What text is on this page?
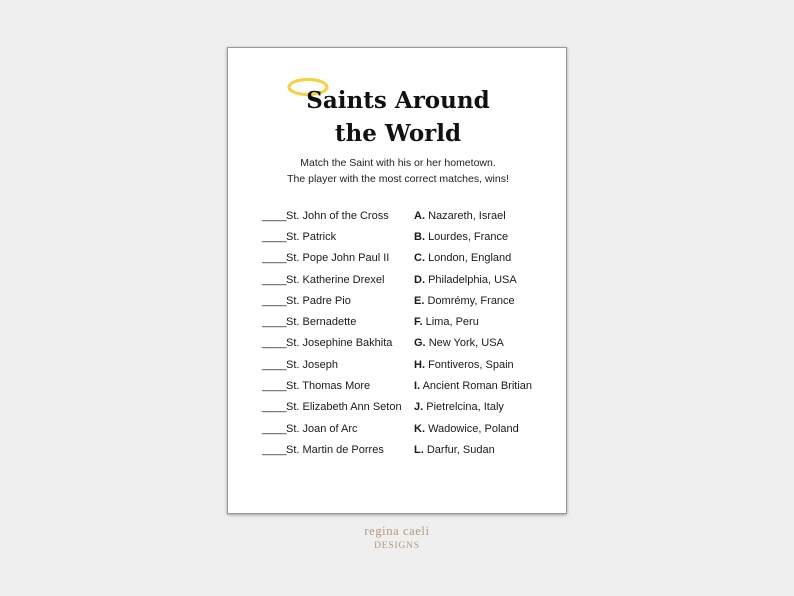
Saints Around
the World

Match the Saint with his or her hometown.
The player with the most correct matches, wins!

____ St. John of the Cross	A. Nazareth, Israel
____ St. Patrick	B. Lourdes, France
____ St. Pope John Paul II	C. London, England
____ St. Katherine Drexel	D. Philadelphia, USA
____ St. Padre Pio	E. Domrémy, France
____ St. Bernadette	F. Lima, Peru
____ St. Josephine Bakhita	G. New York, USA
____ St. Joseph	H. Fontiveros, Spain
____ St. Thomas More	I. Ancient Roman Britian
____ St. Elizabeth Ann Seton	J. Pietrelcina, Italy
____ St. Joan of Arc	K. Wadowice, Poland
____ St. Martin de Porres	L. Darfur, Sudan
regina caeli
DESIGNS
